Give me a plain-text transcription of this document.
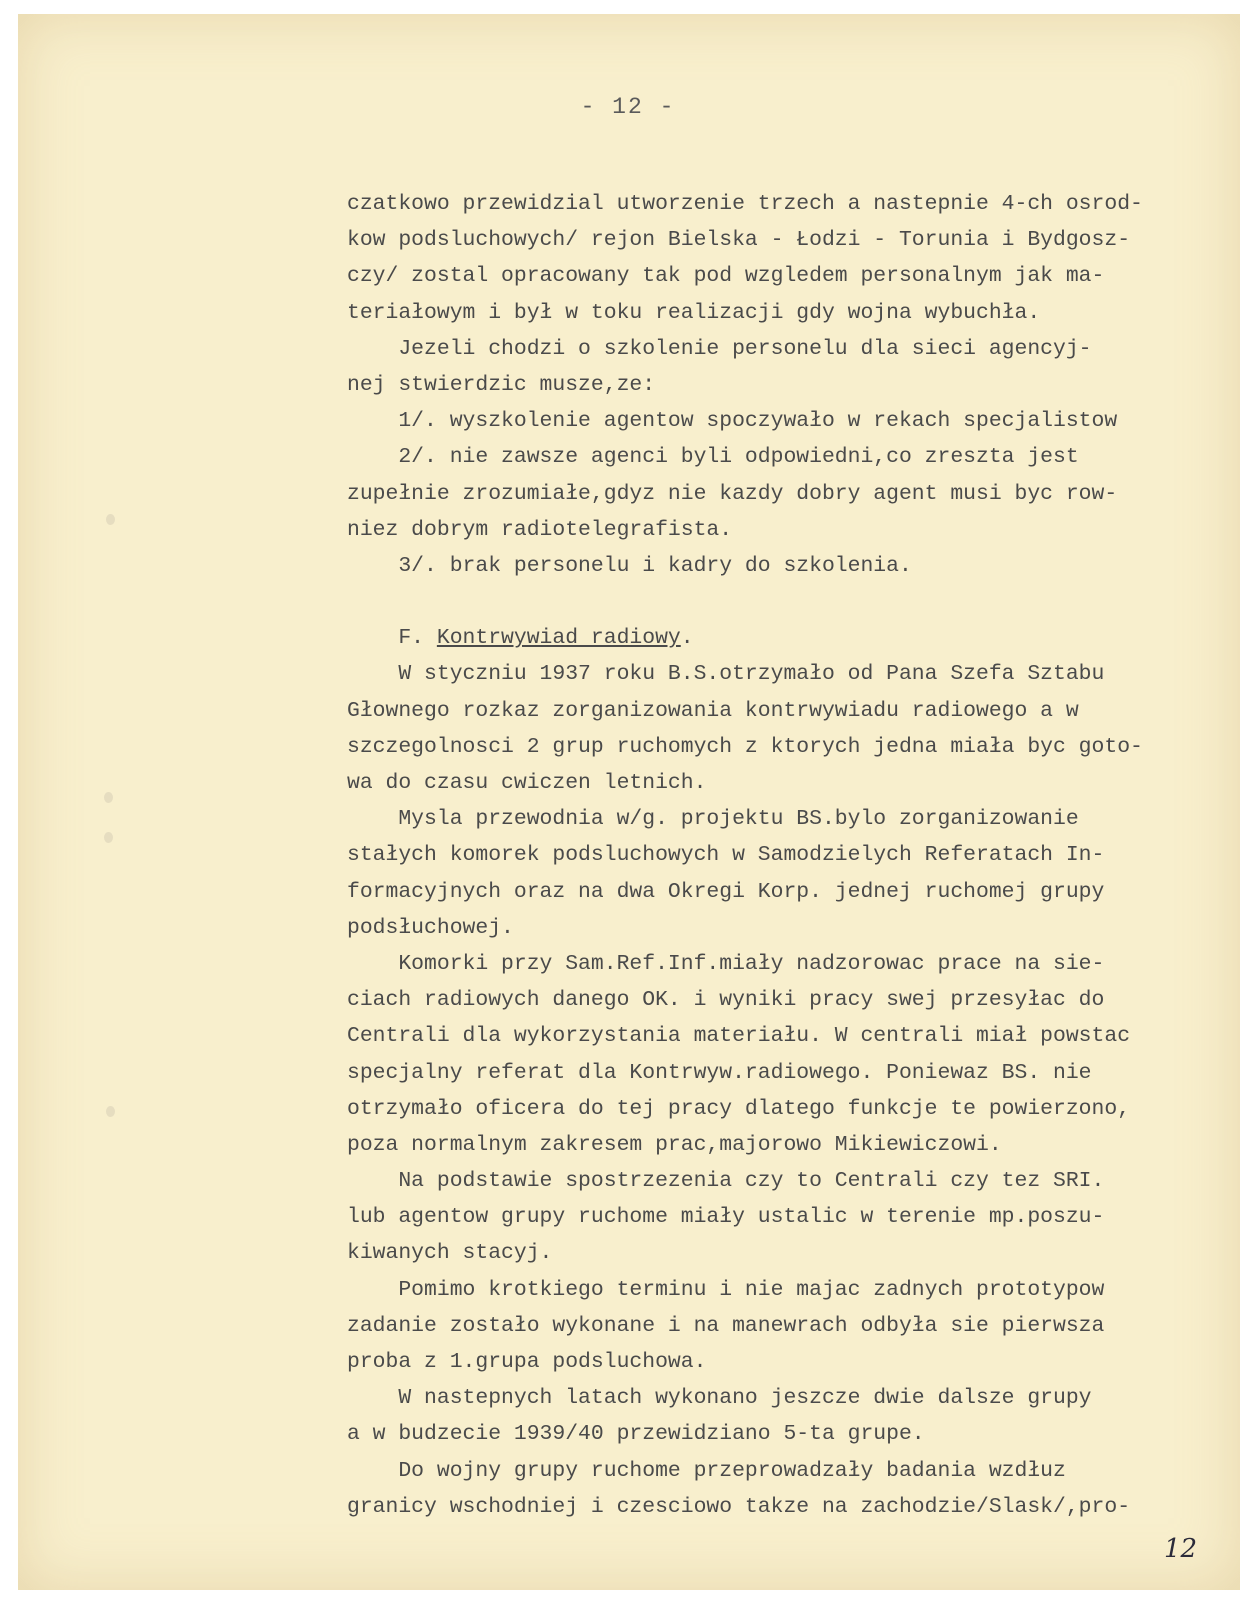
- 12 -
czatkowo przewidzial utworzenie trzech a nastepnie 4-ch osrod-
kow podsluchowych/ rejon Bielska - Łodzi - Torunia i Bydgosz-
czy/ zostal opracowany tak pod wzgledem personalnym jak ma-
teriałowym i był w toku realizacji gdy wojna wybuchła.
Jezeli chodzi o szkolenie personelu dla sieci agencyj-
nej stwierdzic musze,ze:
1/. wyszkolenie agentow spoczywało w rekach specjalistow
2/. nie zawsze agenci byli odpowiedni,co zreszta jest
zupełnie zrozumiałe,gdyz nie kazdy dobry agent musi byc row-
niez dobrym radiotelegrafista.
3/. brak personelu i kadry do szkolenia.
F. Kontrwywiad radiowy.
W styczniu 1937 roku B.S.otrzymało od Pana Szefa Sztabu
Głownego rozkaz zorganizowania kontrwywiadu radiowego a w
szczegolnosci 2 grup ruchomych z ktorych jedna miała byc goto-
wa do czasu cwiczen letnich.
Mysla przewodnia w/g. projektu BS.bylo zorganizowanie
stałych komorek podsluchowych w Samodzielych Referatach In-
formacyjnych oraz na dwa Okregi Korp. jednej ruchomej grupy
podsłuchowej.
Komorki przy Sam.Ref.Inf.miały nadzorowac prace na sie-
ciach radiowych danego OK. i wyniki pracy swej przesyłac do
Centrali dla wykorzystania materiału. W centrali miał powstac
specjalny referat dla Kontrwyw.radiowego. Poniewaz BS. nie
otrzymało oficera do tej pracy dlatego funkcje te powierzono,
poza normalnym zakresem prac,majorowo Mikiewiczowi.
Na podstawie spostrzezenia czy to Centrali czy tez SRI.
lub agentow grupy ruchome miały ustalic w terenie mp.poszu-
kiwanych stacyj.
Pomimo krotkiego terminu i nie majac zadnych prototypow
zadanie zostało wykonane i na manewrach odbyła sie pierwsza
proba z 1.grupa podsluchowa.
W nastepnych latach wykonano jeszcze dwie dalsze grupy
a w budzecie 1939/40 przewidziano 5-ta grupe.
Do wojny grupy ruchome przeprowadzały badania wzdłuz
granicy wschodniej i czesciowo takze na zachodzie/Slask/,pro-
12
